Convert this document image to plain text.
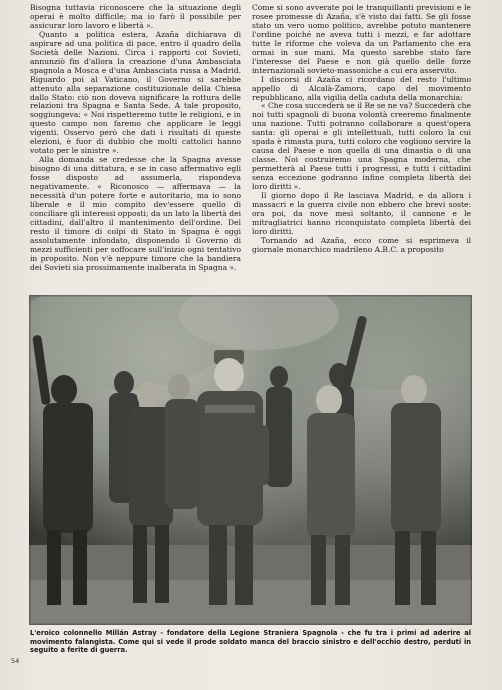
Bisogna tuttavia riconoscere che la situazione degli operai è molto difficile; ma io farò il possibile per assicurar loro lavoro e libertà ».

Quanto a politica estera, Azaña dichiarava di aspirare ad una politica di pace, entro il quadro della Società delle Nazioni. Circa i rapporti coi Sovieti, annunziò fin d'allora la creazione d'una Ambasciata spagnola a Mosca e d'una Ambasciata russa a Madrid. Riguardo poi al Vaticano, il Governo si sarebbe attenuto alla separazione costituzionale della Chiesa dallo Stato: ciò non doveva significare la rottura delle relazioni tra Spagna e Santa Sede. A tale proposito, soggiungeva: « Noi rispetteremo tutte le religioni, e in questo campo non faremo che applicare le leggi vigenti. Osservo però che dati i risultati di queste elezioni, è fuor di dubbio che molti cattolici hanno votato per le sinistre ».

Alla domanda se credesse che la Spagna avesse bisogno di una dittatura, e se in caso affermativo egli fosse disposto ad assumerla, rispondeva negativamente. « Riconosco — affermava — la necessità d'un potere forte e autoritario, ma io sono liberale e il mio compito dev'essere quello di conciliare gli interessi opposti; da un lato la libertà dei cittadini, dall'altro il mantenimento dell'ordine. Del resto il timore di colpi di Stato in Spagna è oggi assolutamente infondato, disponendo il Governo di mezzi sufficienti per soffocare sull'inizio ogni tentativo in proposito. Non v'è neppure timore che la bandiera dei Sovieti sia prossimamente inalberata in Spagna ».

Come si sono avverate poi le tranquillanti previsioni e le rosee promesse di Azaña, s'è visto dai fatti. Se gli fosse stato un vero uomo politico, avrebbe potuto mantenere l'ordine poiché ne aveva tutti i mezzi, e far adottare tutte le riforme che voleva da un Parlamento che era ormai in sue mani. Ma questo sarebbe stato fare l'interesse del Paese e non già quello delle forze internazionali sovieto-massoniche a cui era asservito.

I discorsi di Azaña ci ricordano del resto l'ultimo appello di Alcalà-Zamora, capo del movimento repubblicano, alla vigilia della caduta della monarchia:

« Che cosa succederà se il Re se ne va? Succederà che noi tutti spagnoli di buona volontà creeremo finalmente una nazione. Tutti potranno collaborare a quest'opera santa: gli operai e gli intellettuali, tutti coloro la cui spada è rimasta pura, tutti coloro che vogliono servire la causa del Paese e non quella di una dinastia o di una classe. Noi costruiremo una Spagna moderna, che permetterà al Paese tutti i progressi, e tutti i cittadini senza eccezione godranno infine completa libertà dei loro diritti ».

Il giorno dopo il Re lasciava Madrid, e da allora i massacri e la guerra civile non ebbero che brevi soste: ora poi, da nove mesi soltanto, il cannone e le mitragliatrici hanno riconquistato completa libertà dei loro diritti.

Tornando ad Azaña, ecco come si esprimeva il giornale monarchico madrileno A.B.C. a proposito

L'eroico colonnello Millán Astray - fondatore della Legione Straniera Spagnola - che fu tra i primi ad aderire al movimento falangista. Come qui si vede il prode soldato manca del braccio sinistro e dell'occhio destro, perduti in seguito a ferite di guerra.
54
